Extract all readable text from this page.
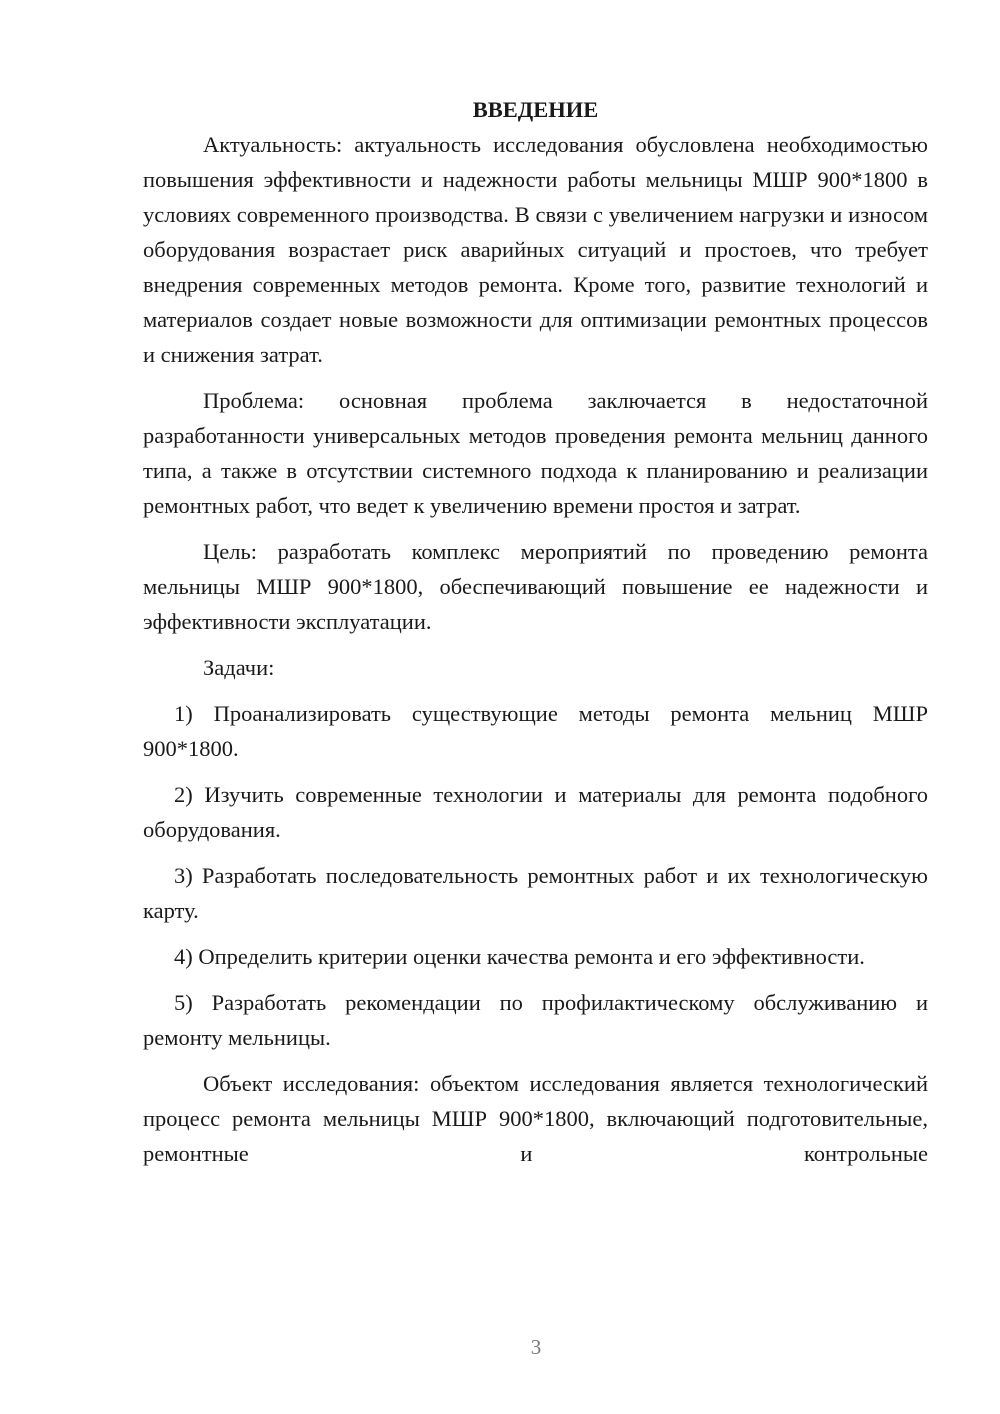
ВВЕДЕНИЕ

Актуальность: актуальность исследования обусловлена необходимостью повышения эффективности и надежности работы мельницы МШР 900*1800 в условиях современного производства. В связи с увеличением нагрузки и износом оборудования возрастает риск аварийных ситуаций и простоев, что требует внедрения современных методов ремонта. Кроме того, развитие технологий и материалов создает новые возможности для оптимизации ремонтных процессов и снижения затрат.

Проблема: основная проблема заключается в недостаточной разработанности универсальных методов проведения ремонта мельниц данного типа, а также в отсутствии системного подхода к планированию и реализации ремонтных работ, что ведет к увеличению времени простоя и затрат.

Цель: разработать комплекс мероприятий по проведению ремонта мельницы МШР 900*1800, обеспечивающий повышение ее надежности и эффективности эксплуатации.

Задачи:

1) Проанализировать существующие методы ремонта мельниц МШР 900*1800.

2) Изучить современные технологии и материалы для ремонта подобного оборудования.

3) Разработать последовательность ремонтных работ и их технологическую карту.

4) Определить критерии оценки качества ремонта и его эффективности.

5) Разработать рекомендации по профилактическому обслуживанию и ремонту мельницы.

Объект исследования: объектом исследования является технологический процесс ремонта мельницы МШР 900*1800, включающий подготовительные, ремонтные и контрольные

3
